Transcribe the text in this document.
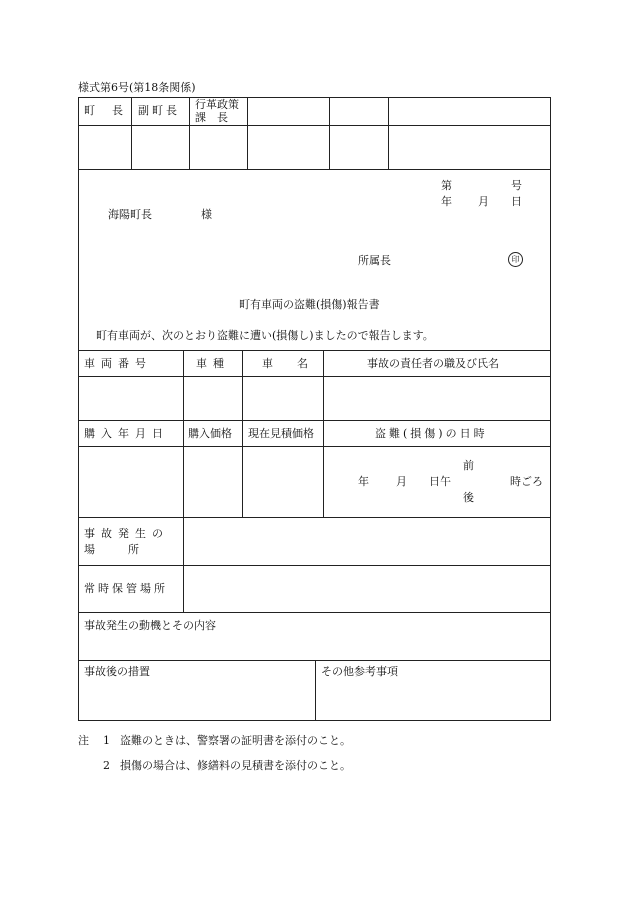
様式第6号(第18条関係)
町　長 副町長 行革政策
課　長
第	号
年 月 日
海陽町長	様
所属長	印
町有車両の盗難(損傷)報告書
町有車両が、次のとおり盗難に遭い(損傷し)ましたので報告します。
車両番号	車種	車名	事故の責任者の職及び氏名
購入年月日 購入価格 現在見積価格	盗難(損傷)の日時
前
年 月 日午	時ごろ
後
事故発生の
場　　　所
常時保管場所
事故発生の動機とその内容
事故後の措置	その他参考事項
注 1 盗難のときは、警察署の証明書を添付のこと。
2 損傷の場合は、修繕料の見積書を添付のこと。
